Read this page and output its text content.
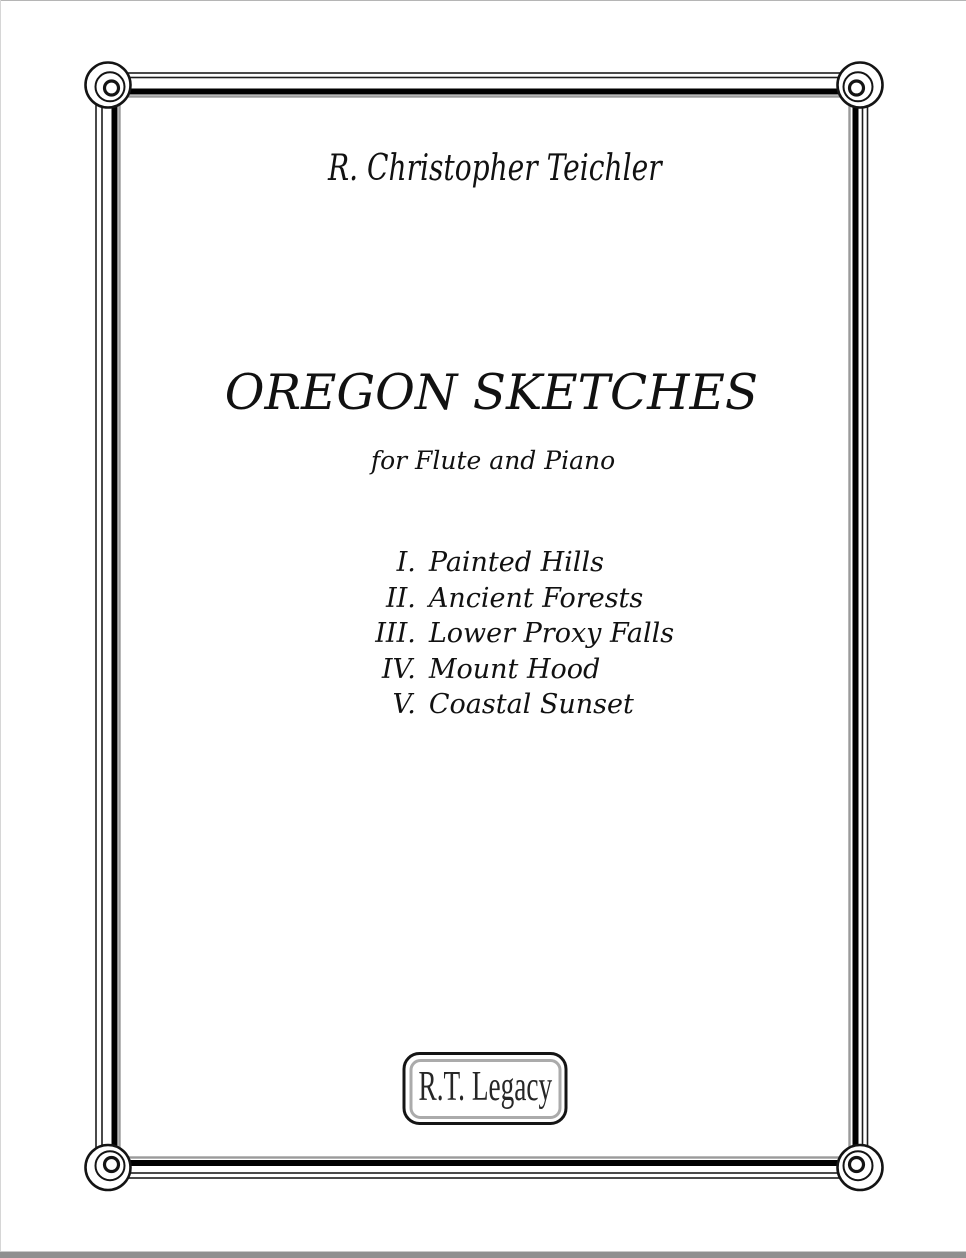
R. Christopher Teichler
OREGON SKETCHES
for Flute and Piano
I. Painted Hills
II. Ancient Forests
III. Lower Proxy Falls
IV. Mount Hood
V. Coastal Sunset
R.T. Legacy
